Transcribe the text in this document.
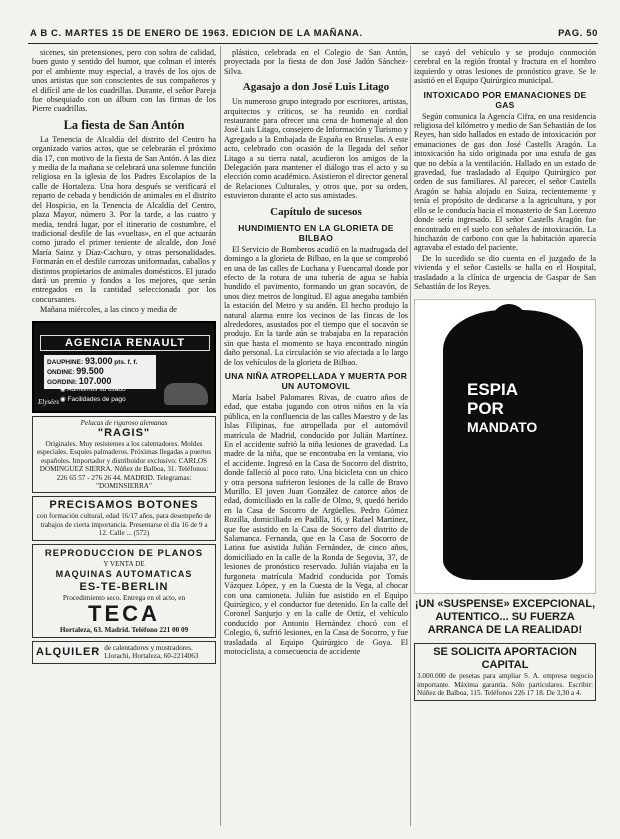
A B C. MARTES 15 DE ENERO DE 1963. EDICION DE LA MAÑANA.	PAG. 50

sicenes, sin pretensiones, pero con sobra de calidad, buen gusto y sentido del humor, que colman el interés por el ambiente muy especial, a través de los ojos de unos artistas que son conscientes de sus compañeros y el difícil arte de los cuadrillas. Durante, el señor Pareja fue obsequiado con un álbum con las firmas de los Pierre cuadrillas.

La fiesta de San Antón

La Tenencia de Alcaldía del distrito del Centro ha organizado varios actos, que se celebrarán el próximo día 17, con motivo de la fiesta de San Antón. A las diez y media de la mañana se celebrará una solemne función religiosa en la iglesia de los Padres Escolapios de la calle de Hortaleza. Una hora después se verificará el reparto de cebada y bendición de animales en el distrito del Hospicio, en la Tenencia de Alcaldía del Centro, plaza Mayor, número 3. Por la tarde, a las cuatro y media, tendrá lugar, por el itinerario de costumbre, el tradicional desfile de las «vueltas», en el que actuarán como jurado el primer teniente de alcalde, don José María Sainz y Díaz-Cachuro, y otras personalidades. Formarán en el desfile carrozas uniformadas, caballos y distintos propietarios de animales domésticos. El jurado dará un premio y fondos a los mejores, que serán entregados en la cantidad seleccionada por los concursantes.

Mañana miércoles, a las cinco y media de

AGENCIA RENAULT
DAUPHINE: 93.000 pts. f. f.
ONDINE: 99.500
GORDINI: 107.000
◉ Admitimos su usado
◉ Facilidades de pago
Elysées
Pelucas de riguroso alemanas
"RAGIS"
Originales. Muy resistentes a los calentadores. Moldes especiales. Esquíes palmaderos. Próximas llegadas a puertos españoles. Importador y distribuidor exclusivo: CARLOS DOMINGUEZ SIERRA. Núñez de Balboa, 31. Teléfonos: 226 65 57 - 276 26 44. MADRID. Telegramas: "DOMINSIERRA"
PRECISAMOS BOTONES
con formación cultural, edad 16/17 años, para desempeño de trabajos de cierta importancia. Presentarse el día 16 de 9 a 12. Calle ... (572)
REPRODUCCION DE PLANOS
Y VENTA DE
MAQUINAS AUTOMATICAS
ES-TE-BERLIN
Procedimiento seco. Entrega en el acto, en
TECA
Hortaleza, 63. Madrid. Teléfono 221 00 09
ALQUILER de calentadores y mostradores. Llorachi, Hortaleza, 60-2214063

plástico, celebrada en el Colegio de San Antón, proyectada por la fiesta de don José Jadón Sánchez-Silva.

Agasajo a don José Luis Litago

Un numeroso grupo integrado por escritores, artistas, arquitectos y críticos, se ha reunido en cordial restaurante para ofrecer una cena de homenaje al don José Luis Litago, consejero de Información y Turismo y Agregado a la Embajada de España en Bruselas. A este acto, celebrado con ocasión de la llegada del señor Litago a su tierra natal, acudieron los amigos de la Delegación para mantener el diálogo tras el acto y su elección como académico. Asistieron el director general de Relaciones Culturales, y otros que, por su orden, estuvieron durante el acto sus amistades.

Capítulo de sucesos
HUNDIMIENTO EN LA GLORIETA DE BILBAO

El Servicio de Bomberos acudió en la madrugada del domingo a la glorieta de Bilbao, en la que se comprobó en una de las calles de Luchana y Fuencarral donde por efecto de la rotura de una tubería de agua se había hundido el pavimento, formando un gran socavón, de unos diez metros de longitud. El agua anegaba también la estación del Metro y su andén. El hecho produjo la natural alarma entre los vecinos de las fincas de los alrededores, asustados por el tiempo que el socavón se produjo. En la tarde aún se trabajaba en la reparación sin que hasta el momento se haya encontrado ningún daño personal. La circulación se vio afectada a lo largo de los vehículos de la glorieta de Bilbao.

UNA NIÑA ATROPELLADA Y MUERTA POR UN AUTOMOVIL

María Isabel Palomares Rivas, de cuatro años de edad, que estaba jugando con otros niños en la vía pública, en la confluencia de las calles Maestro y de las Islas Filipinas, fue atropellada por el automóvil matrícula de Madrid, conducido por Julián Martínez. En el accidente sufrió la niña lesiones de gravedad. La madre de la niña, que se encontraba en la ventana, vio el accidente. Ingresó en la Casa de Socorro del distrito, donde falleció al poco rato. Una bicicleta con un chico y otra persona sufrieron lesiones de la calle de Bravo Murillo. El joven Juan González de catorce años de edad, domiciliado en la calle de Olmo, 9, quedó herido en la Casa de Socorro de Argüelles. Pedro Gómez Rozilla, domiciliado en Padilla, 16, y Rafael Martínez, que fue asistido en la Casa de Socorro del distrito de Salamanca. Fernanda, que en la Casa de Socorro de Latina fue asistida Julián Fernández, de cinco años, domiciliado en la calle de la Ronda de Segovia, 37, de lesiones de pronóstico reservado. Julián viajaba en la furgoneta matrícula Madrid conducida por Tomás Vázquez López, y en la Cuesta de la Vega, al chocar con una camioneta. Julián fue asistido en el Equipo Quirúrgico, y el conductor fue detenido. En la calle del Coronel Sanjurjo y en la calle de Ortiz, el vehículo conducido por Antonio Hernández chocó con el Colegio, 6, sufrió lesiones, en la Casa de Socorro, y fue trasladada al Equipo Quirúrgico de Goya. El motociclista, a consecuencia de accidente

se cayó del vehículo y se produjo conmoción cerebral en la región frontal y fractura en el hombro izquierdo y otras lesiones de pronóstico grave. Se le asistió en el Equipo Quirúrgico municipal.

INTOXICADO POR EMANACIONES DE GAS

Según comunica la Agencia Cifra, en una residencia religiosa del kilómetro y medio de San Sebastián de los Reyes, han sido hallados en estado de intoxicación por emanaciones de gas don José Castells Aragón. La intoxicación ha sido originada por una estufa de gas que no debía a la ventilación. Hallado en un estado de gravedad, fue trasladado al Equipo Quirúrgico por orden de sus familiares. Al parecer, el señor Castells Aragón se había alojado en Suiza, recientemente y tenía el propósito de dedicarse a la agricultura, y por ello se le conducía hacia el monasterio de San Lorenzo donde sería ingresado. El señor Castells Aragón fue encontrado en el suelo con señales de intoxicación. La hinchazón de carbono con que la habitación aparecía agravaba el estado del paciente.

De lo sucedido se dio cuenta en el juzgado de la vivienda y el señor Castells se halla en el Hospital, trasladado a la clínica de urgencia de Gaspar de San Sebastián de los Reyes.

ESPIA
POR
MANDATO
¡UN «SUSPENSE» EXCEPCIONAL, AUTENTICO... SU FUERZA ARRANCA DE LA REALIDAD!
SE SOLICITA APORTACION
CAPITAL
3.000.000 de pesetas para ampliar S. A. empresa negocio importante. Máxima garantía. Sólo particulares. Escribir: Núñez de Balboa, 115. Teléfonos 226 17 18. De 3,30 a 4.
